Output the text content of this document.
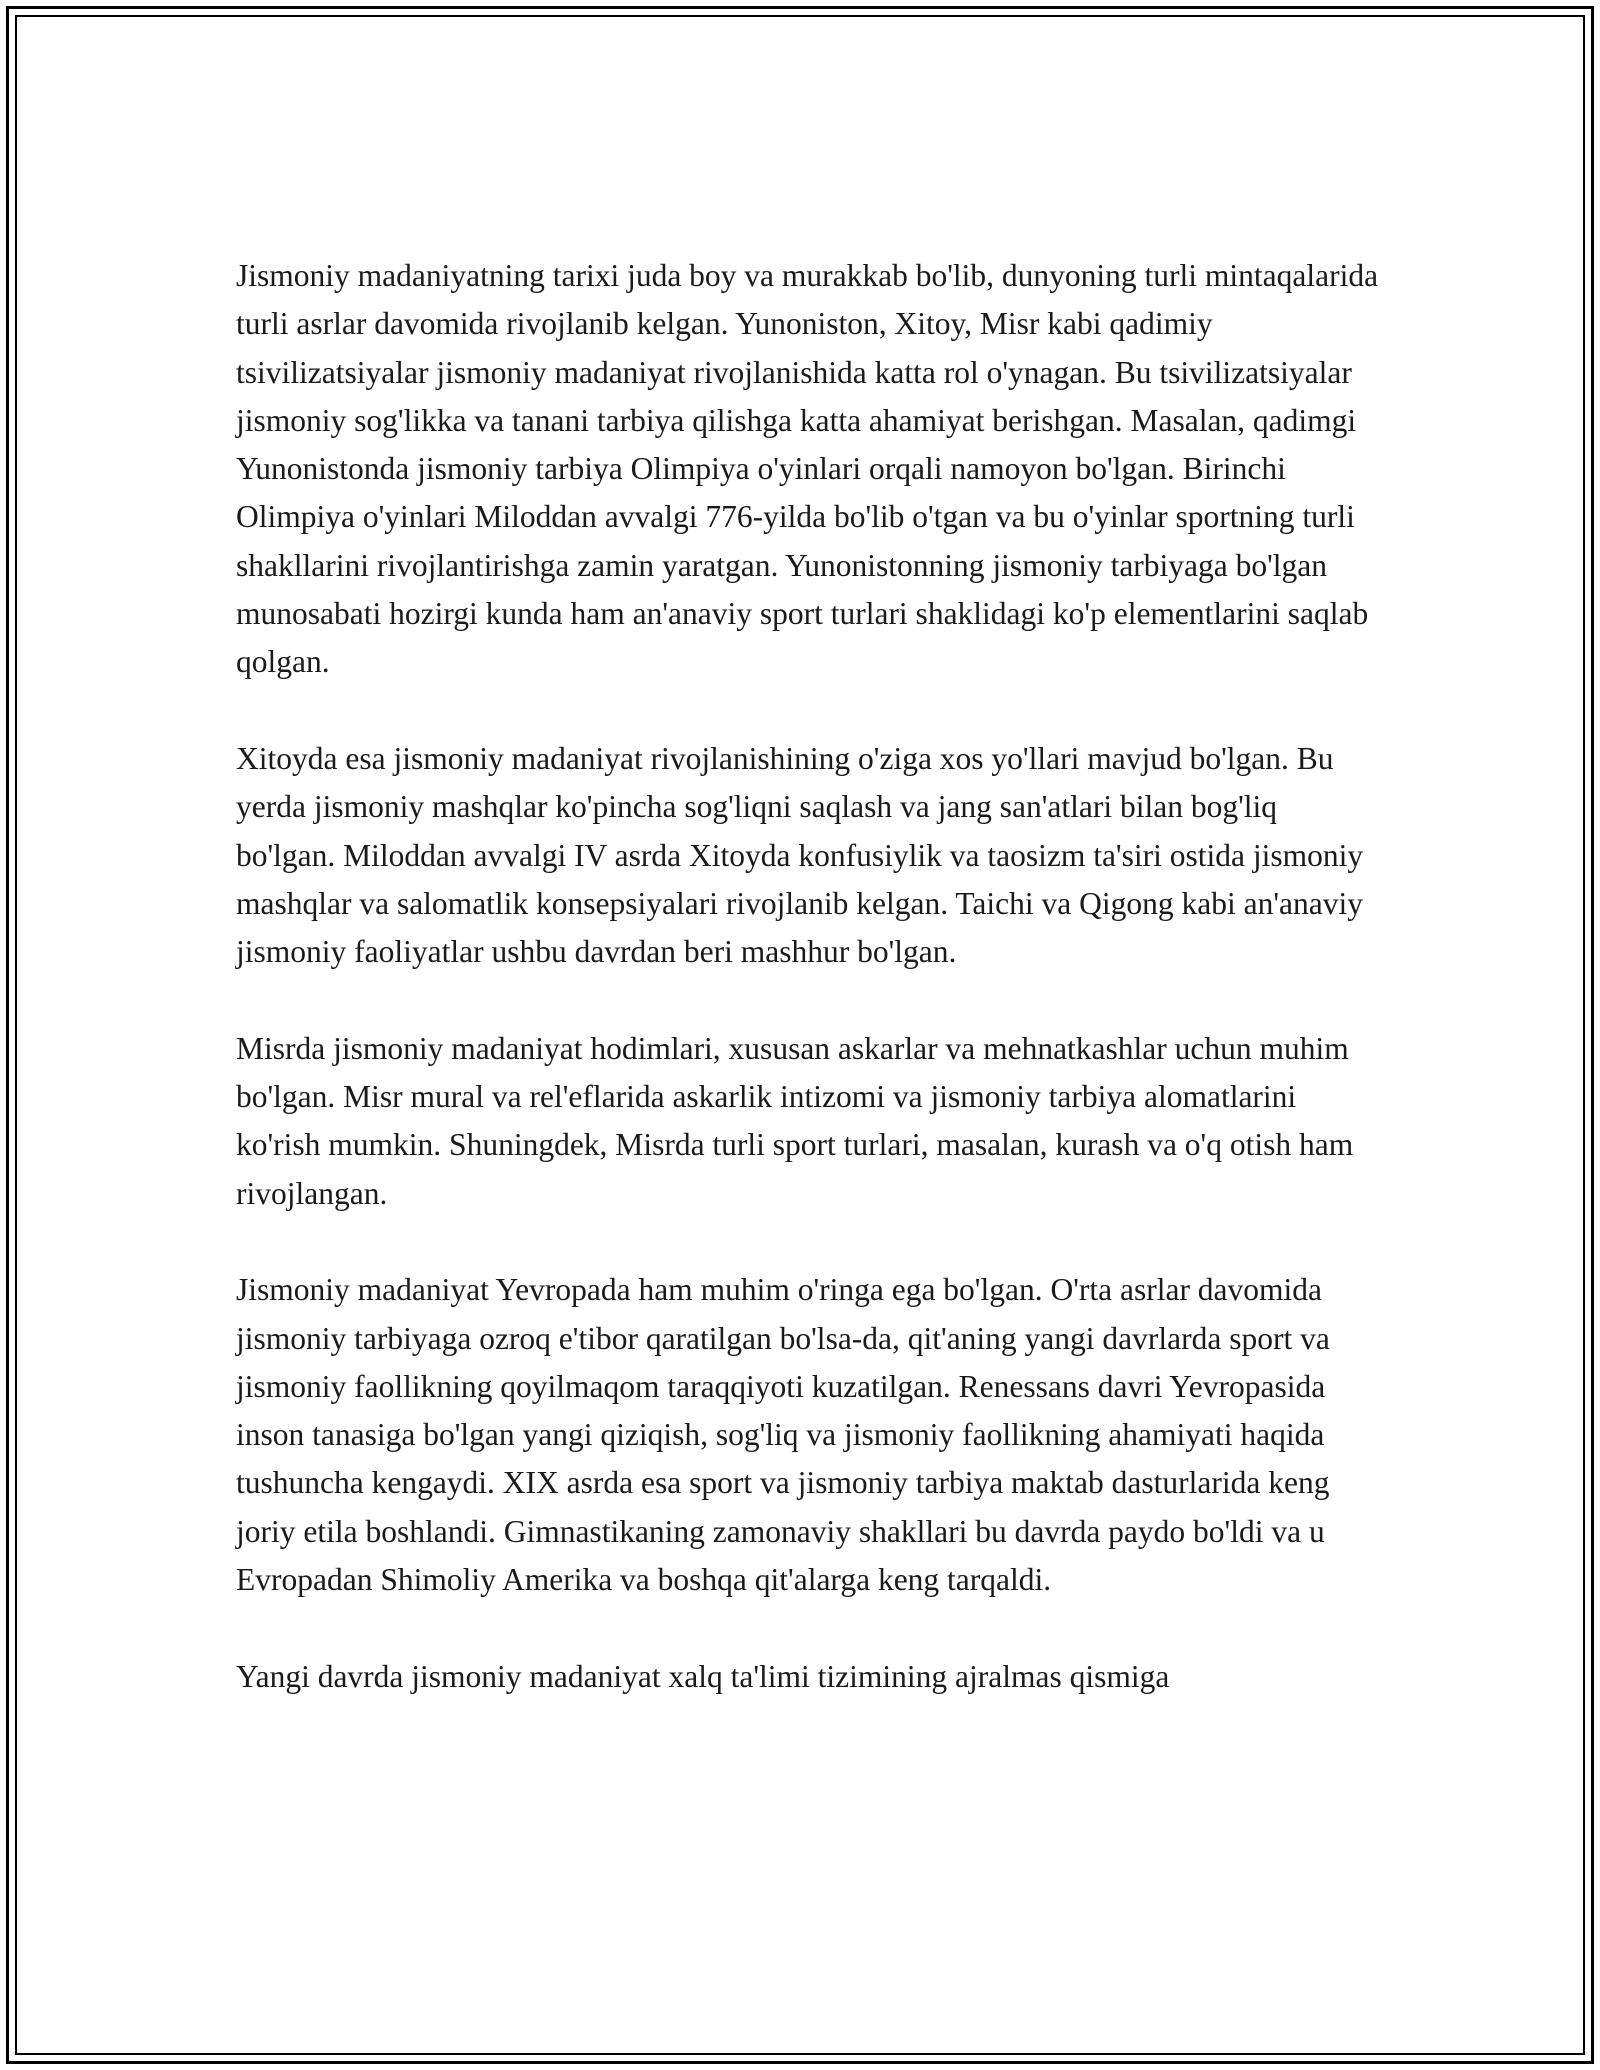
Jismoniy madaniyatning tarixi juda boy va murakkab bo'lib, dunyoning turli mintaqalarida turli asrlar davomida rivojlanib kelgan. Yunoniston, Xitoy, Misr kabi qadimiy tsivilizatsiyalar jismoniy madaniyat rivojlanishida katta rol o'ynagan. Bu tsivilizatsiyalar jismoniy sog'likka va tanani tarbiya qilishga katta ahamiyat berishgan. Masalan, qadimgi Yunonistonda jismoniy tarbiya Olimpiya o'yinlari orqali namoyon bo'lgan. Birinchi Olimpiya o'yinlari Miloddan avvalgi 776-yilda bo'lib o'tgan va bu o'yinlar sportning turli shakllarini rivojlantirishga zamin yaratgan. Yunonistonning jismoniy tarbiyaga bo'lgan munosabati hozirgi kunda ham an'anaviy sport turlari shaklidagi ko'p elementlarini saqlab qolgan.

Xitoyda esa jismoniy madaniyat rivojlanishining o'ziga xos yo'llari mavjud bo'lgan. Bu yerda jismoniy mashqlar ko'pincha sog'liqni saqlash va jang san'atlari bilan bog'liq bo'lgan. Miloddan avvalgi IV asrda Xitoyda konfusiylik va taosizm ta'siri ostida jismoniy mashqlar va salomatlik konsepsiyalari rivojlanib kelgan. Taichi va Qigong kabi an'anaviy jismoniy faoliyatlar ushbu davrdan beri mashhur bo'lgan.

Misrda jismoniy madaniyat hodimlari, xususan askarlar va mehnatkashlar uchun muhim bo'lgan. Misr mural va rel'eflarida askarlik intizomi va jismoniy tarbiya alomatlarini ko'rish mumkin. Shuningdek, Misrda turli sport turlari, masalan, kurash va o'q otish ham rivojlangan.

Jismoniy madaniyat Yevropada ham muhim o'ringa ega bo'lgan. O'rta asrlar davomida jismoniy tarbiyaga ozroq e'tibor qaratilgan bo'lsa-da, qit'aning yangi davrlarda sport va jismoniy faollikning qoyilmaqom taraqqiyoti kuzatilgan. Renessans davri Yevropasida inson tanasiga bo'lgan yangi qiziqish, sog'liq va jismoniy faollikning ahamiyati haqida tushuncha kengaydi. XIX asrda esa sport va jismoniy tarbiya maktab dasturlarida keng joriy etila boshlandi. Gimnastikaning zamonaviy shakllari bu davrda paydo bo'ldi va u Evropadan Shimoliy Amerika va boshqa qit'alarga keng tarqaldi.

Yangi davrda jismoniy madaniyat xalq ta'limi tizimining ajralmas qismiga
